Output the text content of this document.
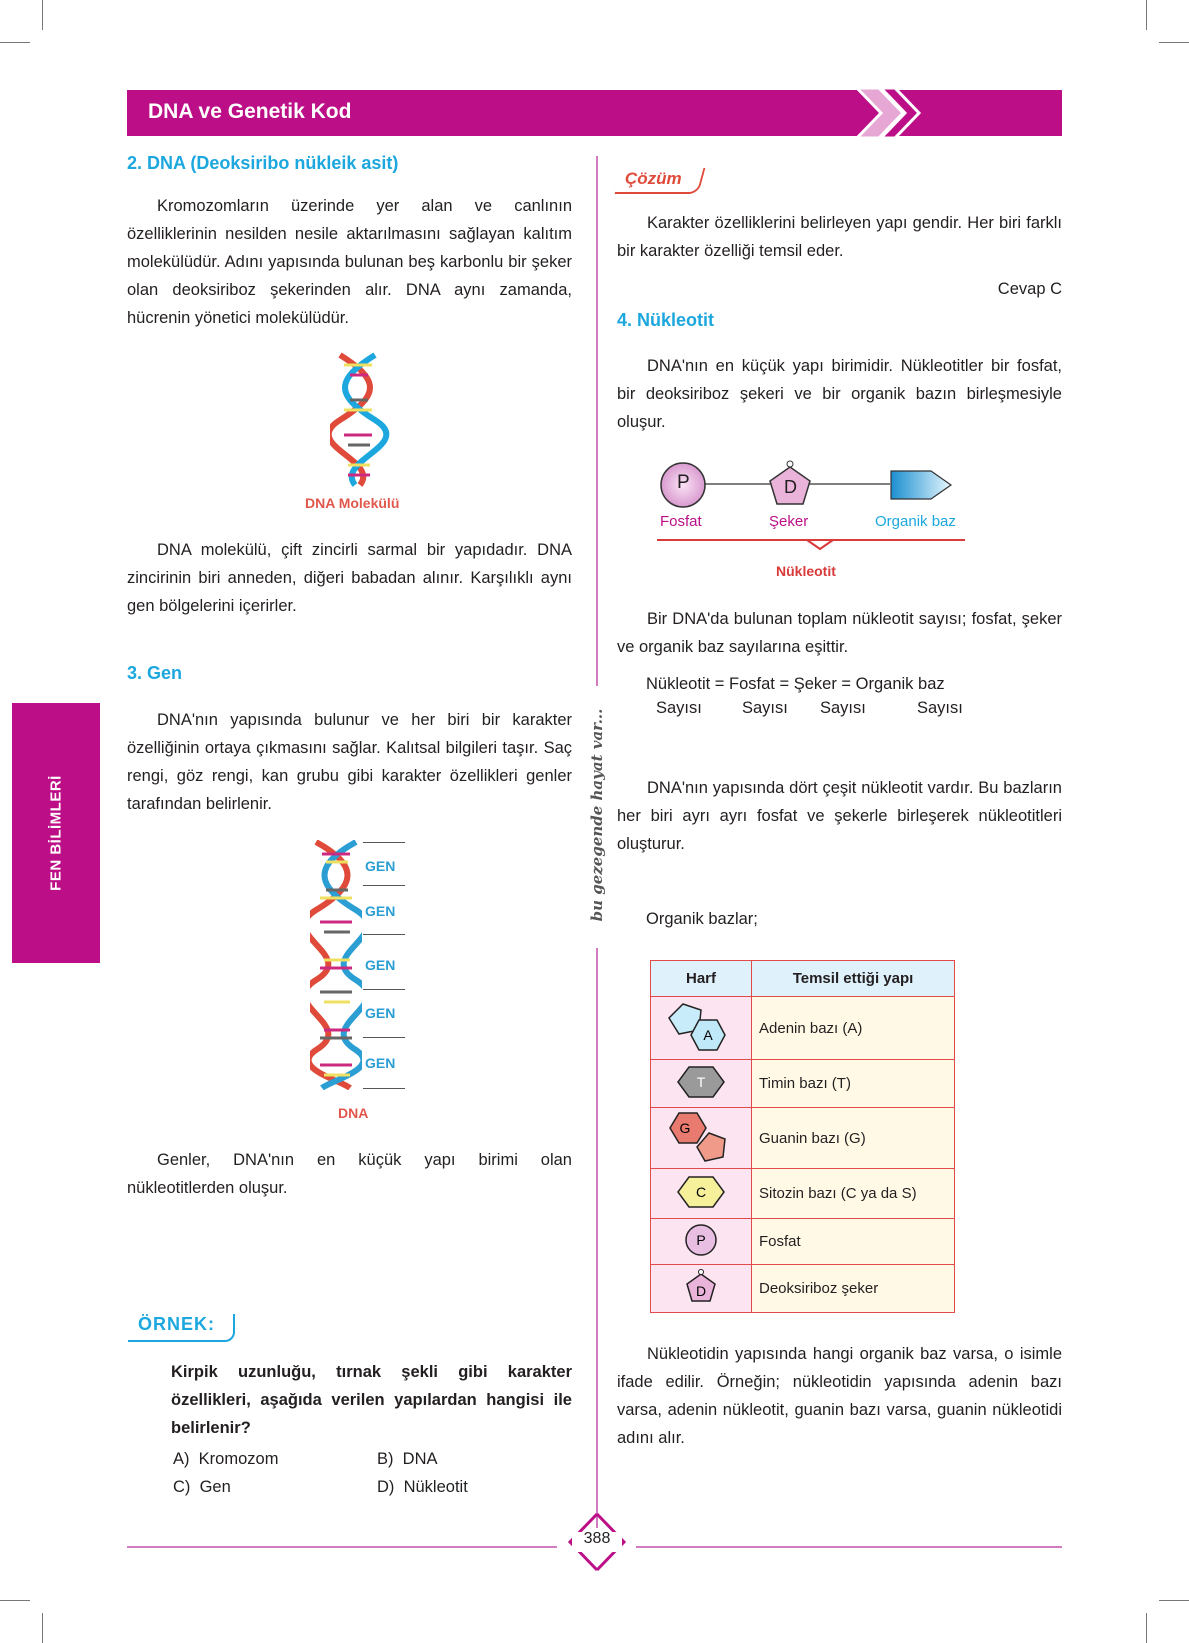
DNA ve Genetik Kod
FEN BİLİMLERİ	bu gezegende hayat var...
2. DNA (Deoksiribo nükleik asit)

Kromozomların üzerinde yer alan ve canlının özelliklerinin nesilden nesile aktarılmasını sağlayan kalıtım molekülüdür. Adını yapısında bulunan beş karbonlu bir şeker olan deoksiriboz şekerinden alır. DNA aynı zamanda, hücrenin yönetici molekülüdür.

DNA Molekülü

DNA molekülü, çift zincirli sarmal bir yapıdadır. DNA zincirinin biri anneden, diğeri babadan alınır. Karşılıklı aynı gen bölgelerini içerirler.

3. Gen

DNA'nın yapısında bulunur ve her biri bir karakter özelliğinin ortaya çıkmasını sağlar. Kalıtsal bilgileri taşır. Saç rengi, göz rengi, kan grubu gibi karakter özellikleri genler tarafından belirlenir.

GEN
GEN
GEN
GEN
GEN
DNA

Genler, DNA'nın en küçük yapı birimi olan nükleotitlerden oluşur.

ÖRNEK:

Kirpik uzunluğu, tırnak şekli gibi karakter özellikleri, aşağıda verilen yapılardan hangisi ile belirlenir?

A) Kromozom	B) DNA
C) Gen	D) Nükleotit
Çözüm

Karakter özelliklerini belirleyen yapı gendir. Her biri farklı bir karakter özelliği temsil eder.

Cevap C
4. Nükleotit

DNA'nın en küçük yapı birimidir. Nükleotitler bir fosfat, bir deoksiriboz şekeri ve bir organik bazın birleşmesiyle oluşur.

P	D
Fosfat	Şeker	Organik baz
Nükleotit

Bir DNA'da bulunan toplam nükleotit sayısı; fosfat, şeker ve organik baz sayılarına eşittir.

Nükleotit = Fosfat = Şeker = Organik baz
Sayısı Sayısı Sayısı	Sayısı

DNA'nın yapısında dört çeşit nükleotit vardır. Bu bazların her biri ayrı ayrı fosfat ve şekerle birleşerek nükleotitleri oluşturur.

Organik bazlar;
Harf	Temsil ettiği yapı

A	Adenin bazı (A)

T	Timin bazı (T)

G	Guanin bazı (G)

C	Sitozin bazı (C ya da S)

P	Fosfat

D	Deoksiriboz şeker

Nükleotidin yapısında hangi organik baz varsa, o isimle ifade edilir. Örneğin; nükleotidin yapısında adenin bazı varsa, adenin nükleotit, guanin bazı varsa, guanin nükleotidi adını alır.

388
